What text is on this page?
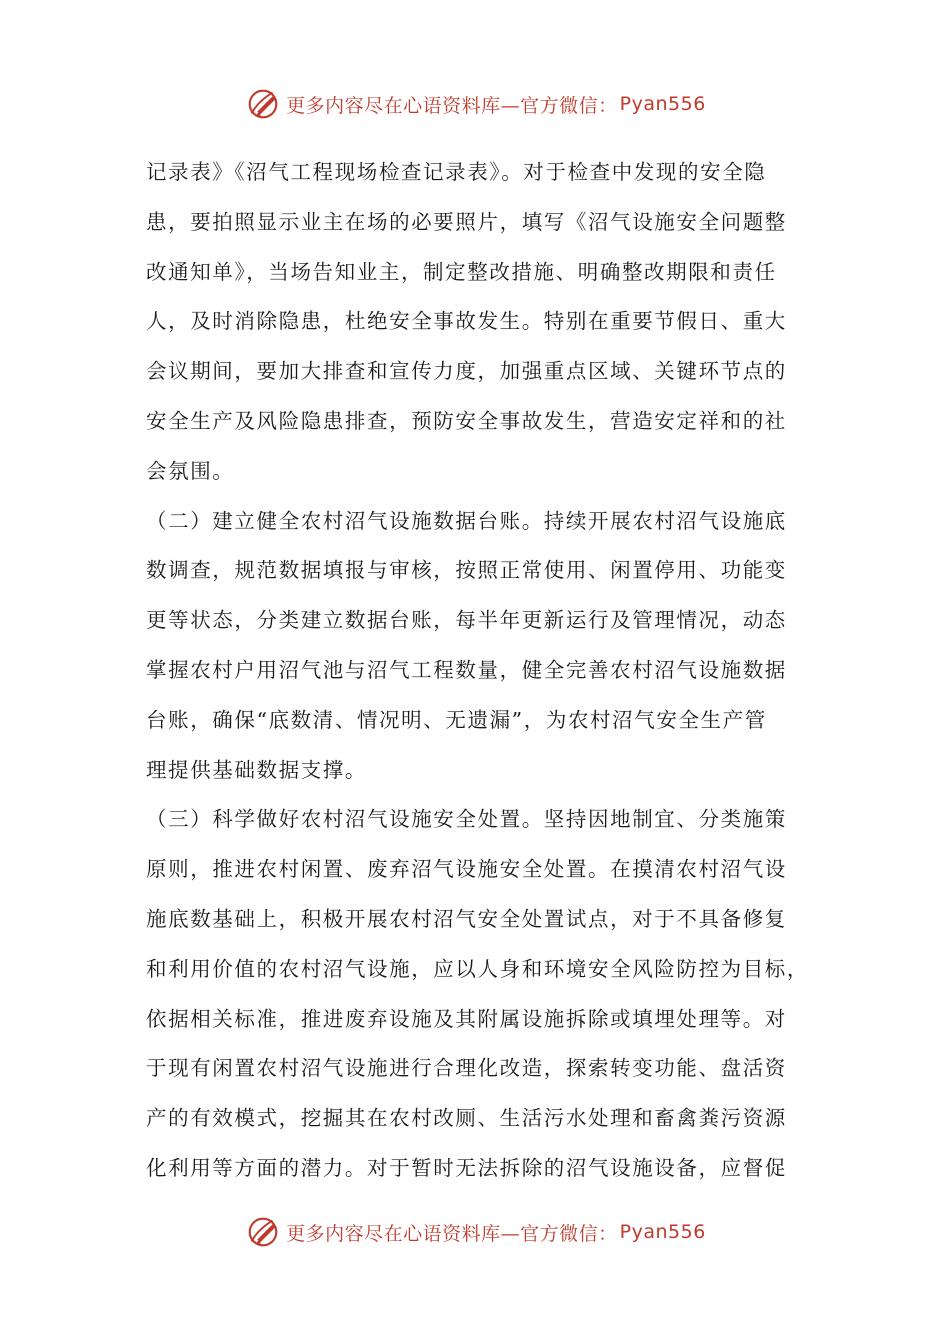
更多内容尽在心语资料库—官方微信： Pyan556
记录表》《沼气工程现场检查记录表》。对于检查中发现的安全隐
患，要拍照显示业主在场的必要照片，填写《沼气设施安全问题整
改通知单》，当场告知业主，制定整改措施、明确整改期限和责任
人，及时消除隐患，杜绝安全事故发生。特别在重要节假日、重大
会议期间，要加大排查和宣传力度，加强重点区域、关键环节点的
安全生产及风险隐患排查，预防安全事故发生，营造安定祥和的社
会氛围。
（二）建立健全农村沼气设施数据台账。持续开展农村沼气设施底
数调查，规范数据填报与审核，按照正常使用、闲置停用、功能变
更等状态，分类建立数据台账，每半年更新运行及管理情况，动态
掌握农村户用沼气池与沼气工程数量，健全完善农村沼气设施数据
台账，确保“底数清、情况明、无遗漏”，为农村沼气安全生产管
理提供基础数据支撑。
（三）科学做好农村沼气设施安全处置。坚持因地制宜、分类施策
原则，推进农村闲置、废弃沼气设施安全处置。在摸清农村沼气设
施底数基础上，积极开展农村沼气安全处置试点，对于不具备修复
和利用价值的农村沼气设施，应以人身和环境安全风险防控为目标，
依据相关标准，推进废弃设施及其附属设施拆除或填埋处理等。对
于现有闲置农村沼气设施进行合理化改造，探索转变功能、盘活资
产的有效模式，挖掘其在农村改厕、生活污水处理和畜禽粪污资源
化利用等方面的潜力。对于暂时无法拆除的沼气设施设备，应督促
更多内容尽在心语资料库—官方微信： Pyan556
